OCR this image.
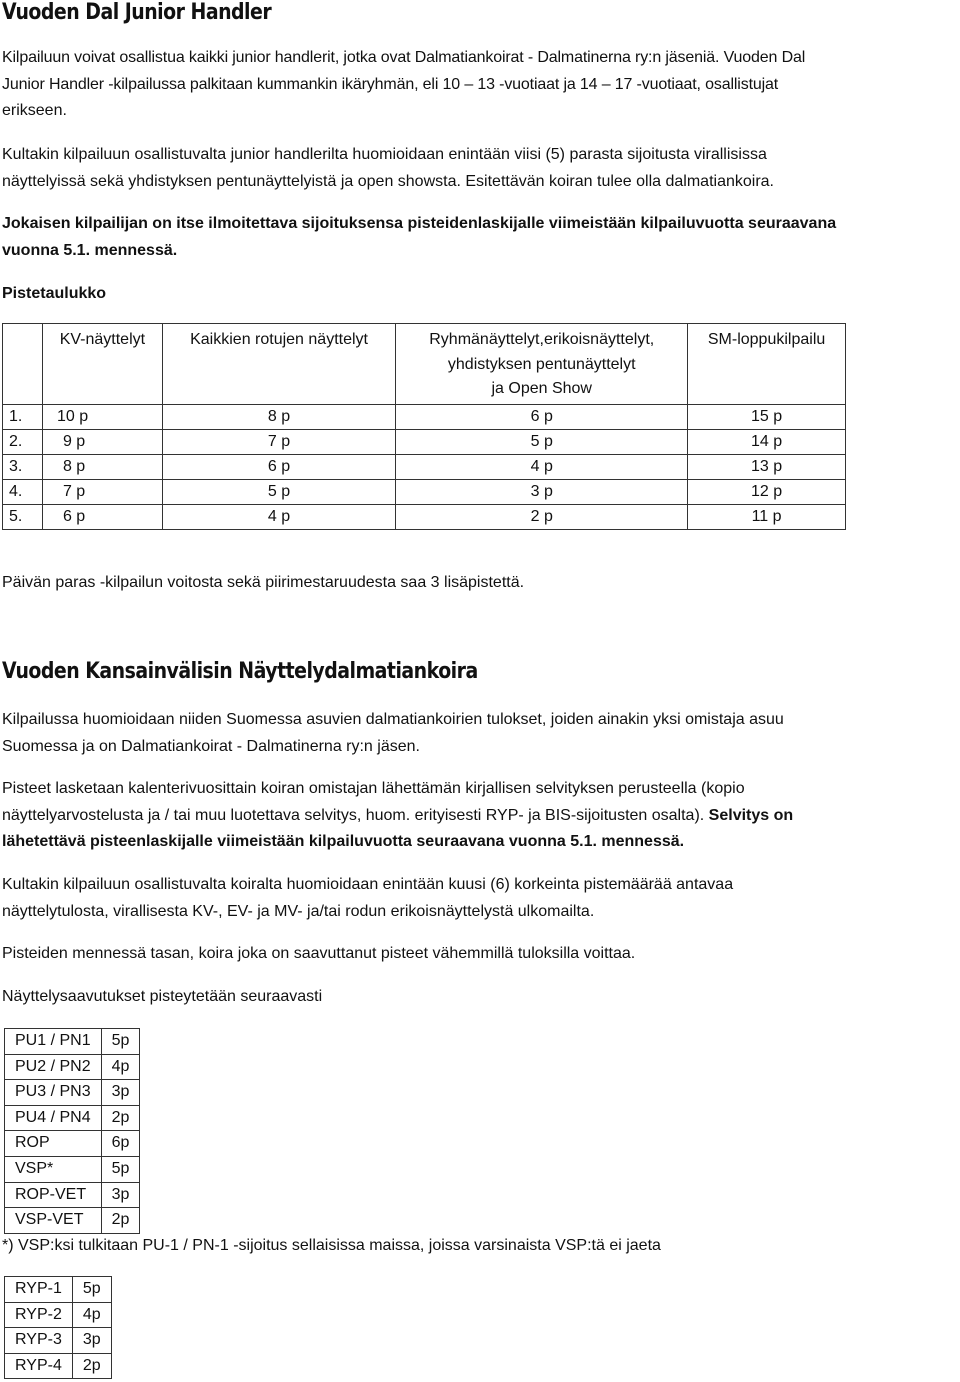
Vuoden Dal Junior Handler

Kilpailuun voivat osallistua kaikki junior handlerit, jotka ovat Dalmatiankoirat - Dalmatinerna ry:n jäseniä. Vuoden Dal

Junior Handler -kilpailussa palkitaan kummankin ikäryhmän, eli 10 – 13 -vuotiaat ja 14 – 17 -vuotiaat, osallistujat

erikseen.

Kultakin kilpailuun osallistuvalta junior handlerilta huomioidaan enintään viisi (5) parasta sijoitusta virallisissa

näyttelyissä sekä yhdistyksen pentunäyttelyistä ja open showsta. Esitettävän koiran tulee olla dalmatiankoira.

Jokaisen kilpailijan on itse ilmoitettava sijoituksensa pisteidenlaskijalle viimeistään kilpailuvuotta seuraavana

vuonna 5.1. mennessä.

Pistetaulukko

	KV-näyttelyt	Kaikkien rotujen näyttelyt	Ryhmänäyttelyt,erikoisnäyttelyt,
yhdistyksen pentunäyttelyt
ja Open Show	SM-loppukilpailu
1.	10 p	8 p	6 p	15 p
2.	9 p	7 p	5 p	14 p
3.	8 p	6 p	4 p	13 p
4.	7 p	5 p	3 p	12 p
5.	6 p	4 p	2 p	11 p

Päivän paras -kilpailun voitosta sekä piirimestaruudesta saa 3 lisäpistettä.

Vuoden Kansainvälisin Näyttelydalmatiankoira

Kilpailussa huomioidaan niiden Suomessa asuvien dalmatiankoirien tulokset, joiden ainakin yksi omistaja asuu

Suomessa ja on Dalmatiankoirat - Dalmatinerna ry:n jäsen.

Pisteet lasketaan kalenterivuosittain koiran omistajan lähettämän kirjallisen selvityksen perusteella (kopio

näyttelyarvostelusta ja / tai muu luotettava selvitys, huom. erityisesti RYP- ja BIS-sijoitusten osalta). Selvitys on

lähetettävä pisteenlaskijalle viimeistään kilpailuvuotta seuraavana vuonna 5.1. mennessä.

Kultakin kilpailuun osallistuvalta koiralta huomioidaan enintään kuusi (6) korkeinta pistemäärää antavaa

näyttelytulosta, virallisesta KV-, EV- ja MV- ja/tai rodun erikoisnäyttelystä ulkomailta.

Pisteiden mennessä tasan, koira joka on saavuttanut pisteet vähemmillä tuloksilla voittaa.

Näyttelysaavutukset pisteytetään seuraavasti

PU1 / PN1	5p
PU2 / PN2	4p
PU3 / PN3	3p
PU4 / PN4	2p
ROP	6p
VSP*	5p
ROP-VET	3p
VSP-VET	2p

*) VSP:ksi tulkitaan PU-1 / PN-1 -sijoitus sellaisissa maissa, joissa varsinaista VSP:tä ei jaeta

RYP-1	5p
RYP-2	4p
RYP-3	3p
RYP-4	2p
